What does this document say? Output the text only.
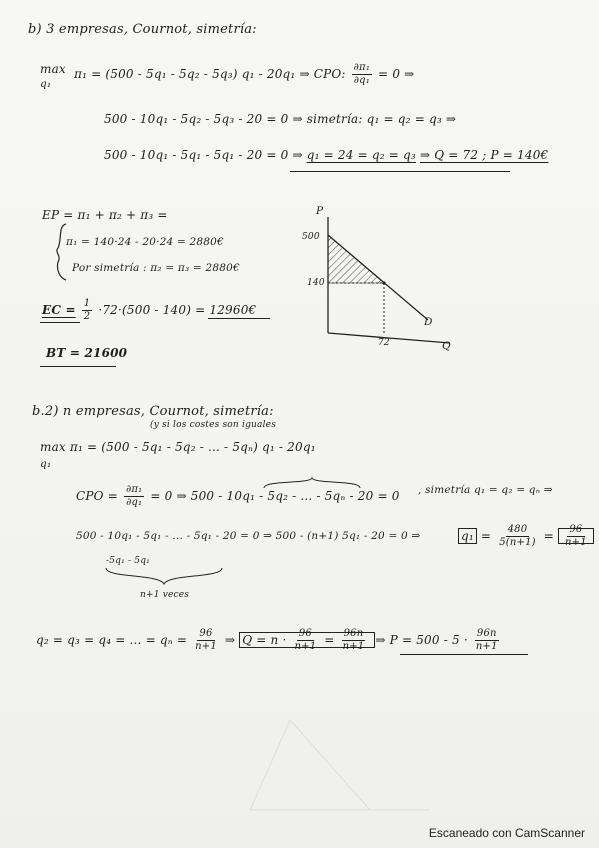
b) 3 empresas, Cournot, simetría:
max
q₁
π₁ = (500 - 5q₁ - 5q₂ - 5q₃) q₁ - 20q₁ ⇒ CPO: $\frac{\text{∂π₁}}{\text{∂q₁}} = 0$ ⇒
500 - 10q₁ - 5q₂ - 5q₃ - 20 = 0 ⇒ simetría: q₁ = q₂ = q₃ ⇒
500 - 10q₁ - 5q₁ - 5q₁ - 20 = 0 ⇒ q₁ = 24 = q₂ = q₃ ⇒ Q = 72 ; P = 140€
EP = π₁ + π₂ + π₃ =
π₁ = 140·24 - 20·24 = 2880€
Por simetría : π₂ = π₃ = 2880€
EC = $\frac{1}{2} \cdot 72\cdot(500 - 140)$ = 12960€
BT = 21600
P
500
140
72
D
Q
b.2) n empresas, Cournot, simetría:
(y si los costes son iguales
max π₁ = (500 - 5q₁ - 5q₂ - ... - 5qₙ) q₁ - 20q₁
q₁
CPO = $\frac{\text{∂π₁}}{\text{∂q₁}} = 0$ ⇒ 500 - 10q₁ - 5q₂ - ... - 5qₙ - 20 = 0 , simetría q₁ = q₂ = qₙ ⇒
500 - 10q₁ - 5q₁ - ... - 5q₁ - 20 = 0 ⇒ 500 - (n+1) 5q₁ - 20 = 0 ⇒	$q_1 = \frac{480}{5(n+1)} = \frac{96}{n+1}$
-5q₁ - 5q₁
n+1 veces
q₂ = q₃ = q₄ = ... = $q_n = \frac{96}{n+1}$ ⇒ $Q = n \cdot \frac{96}{n+1} = \frac{96n}{n+1}$ ⇒ $P = 500 - 5 \cdot \frac{96n}{n+1}$
Escaneado con CamScanner
